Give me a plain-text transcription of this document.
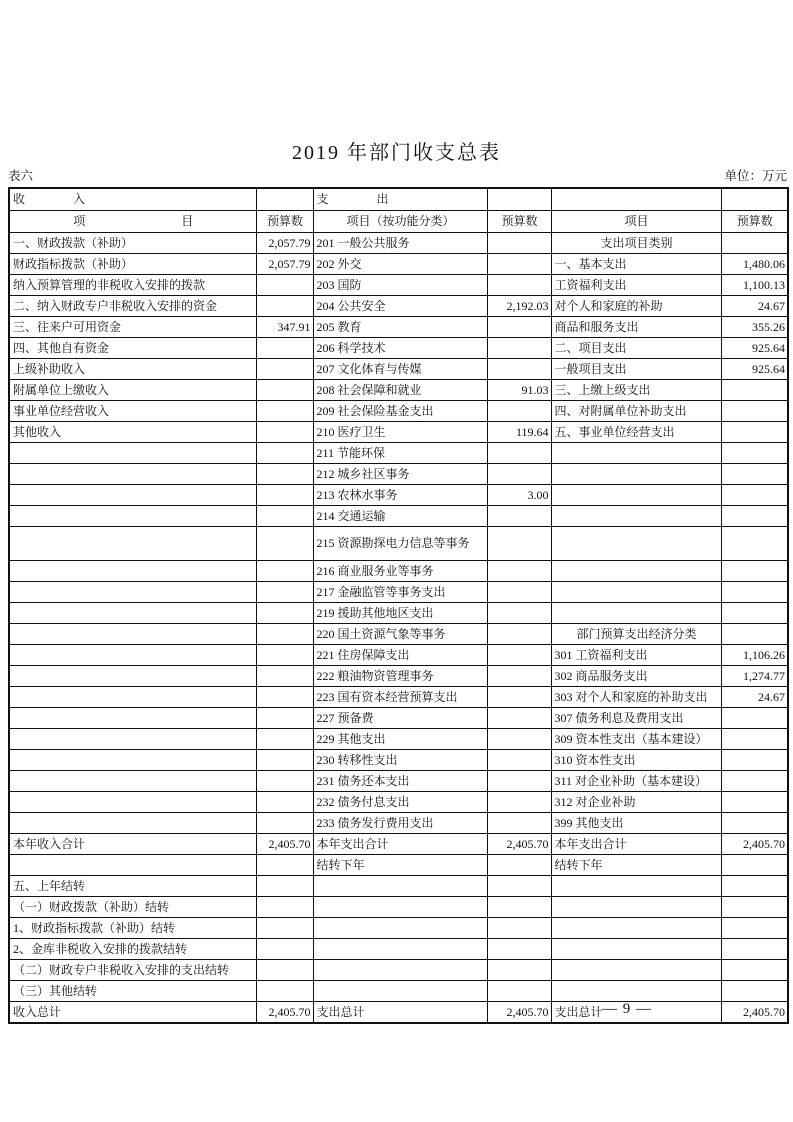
2019 年部门收支总表
表六	单位：万元
收　　　　入		支　　　　出			
项　　　　　　　　目	预算数	项目（按功能分类）	预算数	项目	预算数
一、财政拨款（补助）	2,057.79	201 一般公共服务		支出项目类别	
财政指标拨款（补助）	2,057.79	202 外交		一、基本支出	1,480.06
纳入预算管理的非税收入安排的拨款		203 国防		工资福利支出	1,100.13
二、纳入财政专户非税收入安排的资金		204 公共安全	2,192.03	对个人和家庭的补助	24.67
三、往来户可用资金	347.91	205 教育		商品和服务支出	355.26
四、其他自有资金		206 科学技术		二、项目支出	925.64
上级补助收入		207 文化体育与传媒		一般项目支出	925.64
附属单位上缴收入		208 社会保障和就业	91.03	三、上缴上级支出	
事业单位经营收入		209 社会保险基金支出		四、对附属单位补助支出	
其他收入		210 医疗卫生	119.64	五、事业单位经营支出	
		211 节能环保			
		212 城乡社区事务			
		213 农林水事务	3.00		
		214 交通运输			
		215 资源勘探电力信息等事务			
		216 商业服务业等事务			
		217 金融监管等事务支出			
		219 援助其他地区支出			
		220 国土资源气象等事务		部门预算支出经济分类	
		221 住房保障支出		301 工资福利支出	1,106.26
		222 粮油物资管理事务		302 商品服务支出	1,274.77
		223 国有资本经营预算支出		303 对个人和家庭的补助支出	24.67
		227 预备费		307 债务利息及费用支出	
		229 其他支出		309 资本性支出（基本建设）	
		230 转移性支出		310 资本性支出	
		231 债务还本支出		311 对企业补助（基本建设）	
		232 债务付息支出		312 对企业补助	
		233 债务发行费用支出		399 其他支出	
本年收入合计	2,405.70	本年支出合计	2,405.70	本年支出合计	2,405.70
		结转下年		结转下年	
五、上年结转					
（一）财政拨款（补助）结转					
1、财政指标拨款（补助）结转					
2、金库非税收入安排的拨款结转					
（二）财政专户非税收入安排的支出结转					
（三）其他结转					
收入总计	2,405.70	支出总计	2,405.70	支出总计	2,405.70
— 9 —
